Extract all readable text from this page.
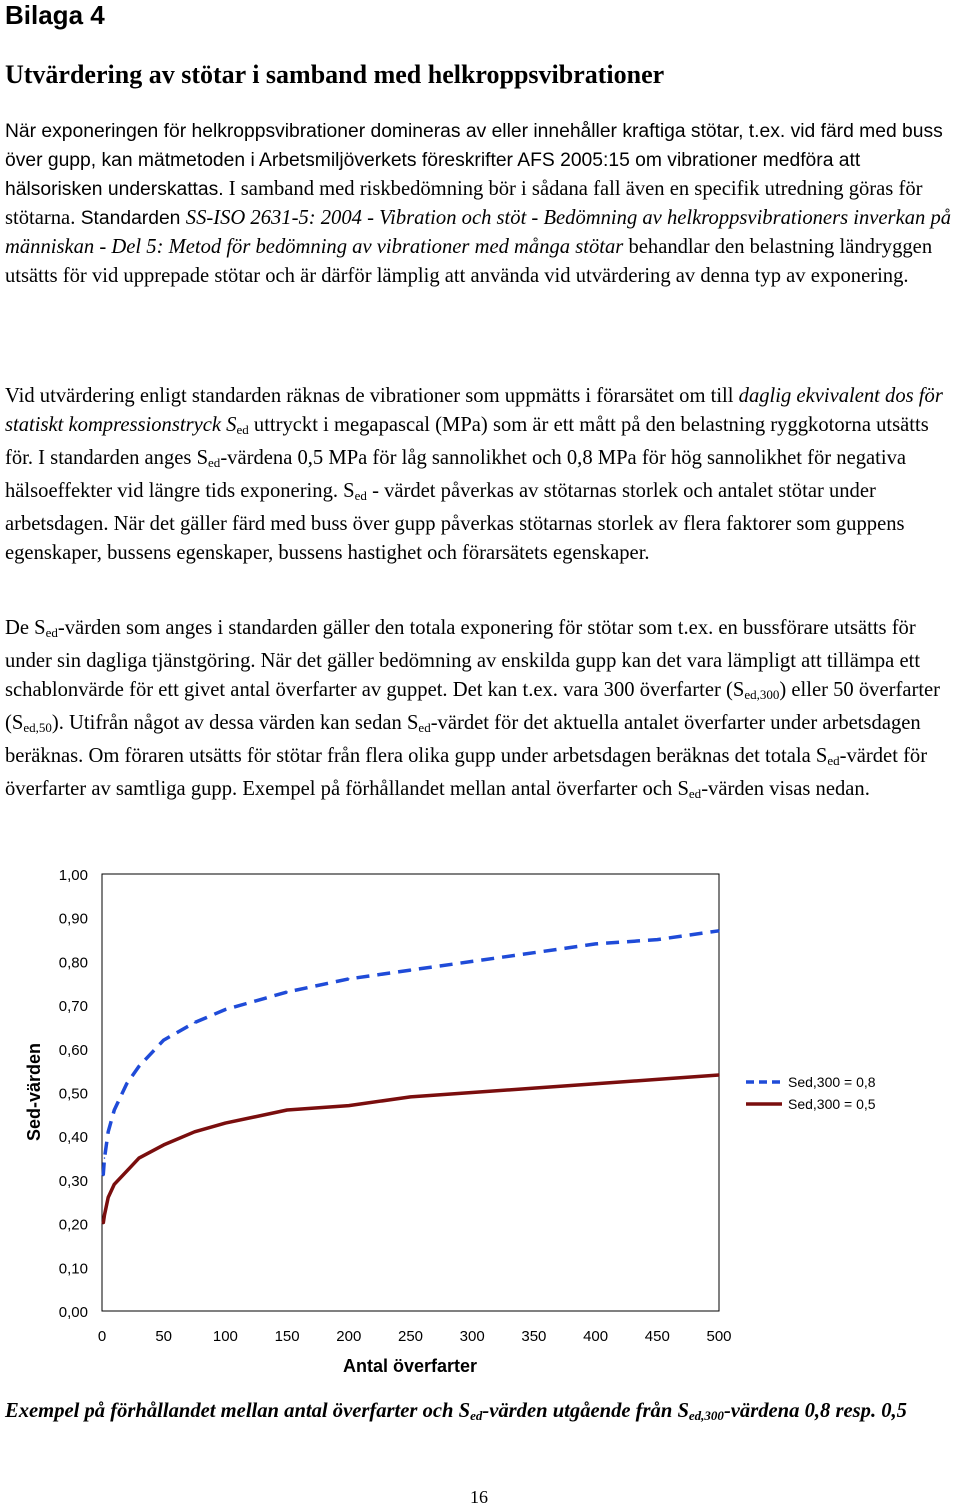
Bilaga 4
Utvärdering av stötar i samband med helkroppsvibrationer

När exponeringen för helkroppsvibrationer domineras av eller innehåller kraftiga stötar, t.ex. vid färd med buss över gupp, kan mätmetoden i Arbetsmiljöverkets föreskrifter AFS 2005:15 om vibrationer medföra att hälsorisken underskattas. I samband med riskbedömning bör i sådana fall även en specifik utredning göras för stötarna. Standarden SS-ISO 2631-5: 2004 - Vibration och stöt - Bedömning av helkroppsvibrationers inverkan på människan - Del 5: Metod för bedömning av vibrationer med många stötar behandlar den belastning ländryggen utsätts för vid upprepade stötar och är därför lämplig att använda vid utvärdering av denna typ av exponering.

Vid utvärdering enligt standarden räknas de vibrationer som uppmätts i förarsätet om till daglig ekvivalent dos för statiskt kompressionstryck $S_{ed}$ uttryckt i megapascal (MPa) som är ett mått på den belastning ryggkotorna utsätts för. I standarden anges $S_{ed}$-värdena 0,5 MPa för låg sannolikhet och 0,8 MPa för hög sannolikhet för negativa hälsoeffekter vid längre tids exponering. $S_{ed}$ - värdet påverkas av stötarnas storlek och antalet stötar under arbetsdagen. När det gäller färd med buss över gupp påverkas stötarnas storlek av flera faktorer som guppens egenskaper, bussens egenskaper, bussens hastighet och förarsätets egenskaper.

De $S_{ed}$-värden som anges i standarden gäller den totala exponering för stötar som t.ex. en bussförare utsätts för under sin dagliga tjänstgöring. När det gäller bedömning av enskilda gupp kan det vara lämpligt att tillämpa ett schablonvärde för ett givet antal överfarter av guppet. Det kan t.ex. vara 300 överfarter $(S_{ed,300})$ eller 50 överfarter $(S_{ed,50})$. Utifrån något av dessa värden kan sedan $S_{ed}$-värdet för det aktuella antalet överfarter under arbetsdagen beräknas. Om föraren utsätts för stötar från flera olika gupp under arbetsdagen beräknas det totala $S_{ed}$-värdet för överfarter av samtliga gupp. Exempel på förhållandet mellan antal överfarter och $S_{ed}$-värden visas nedan.

1,00
0,90
0,80
0,70
0,60
0,50
0,40
0,30
0,20
0,10
0,00
0	50	100 150 200 250 300 350 400 450 500
Sed-värden
Antal överfarter
Sed,300 = 0,8
Sed,300 = 0,5

Exempel på förhållandet mellan antal överfarter och $S_{ed}$-värden utgående från $S_{ed,300}$-värdena 0,8 resp. 0,5

16
